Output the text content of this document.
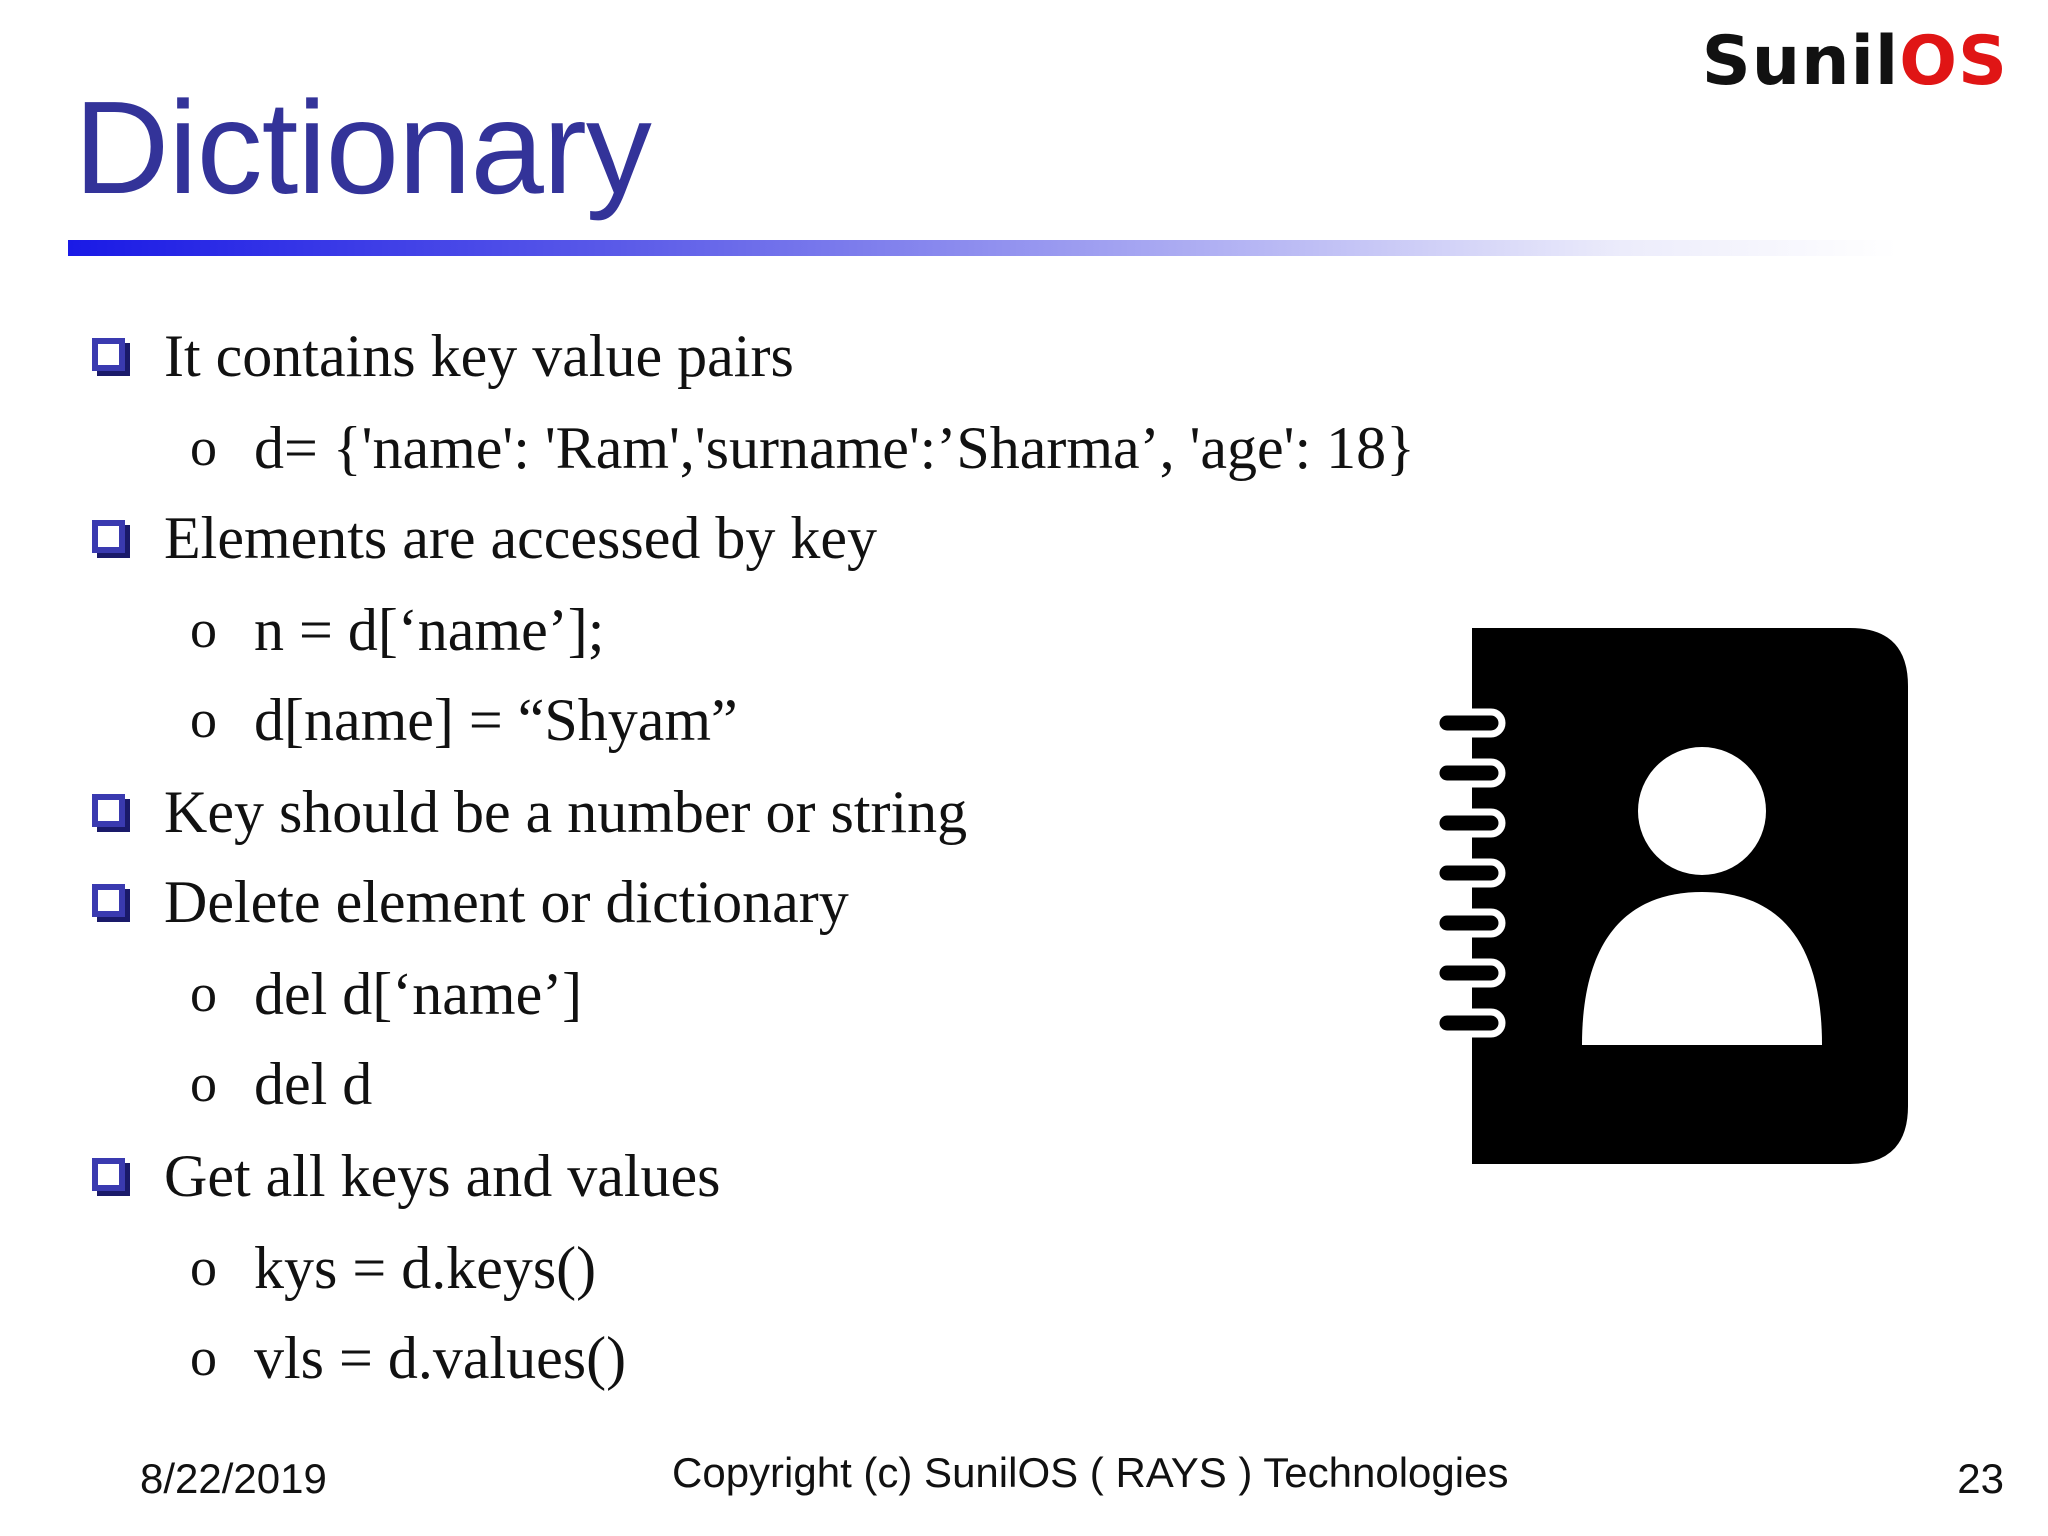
SunilOS
Dictionary
It contains key value pairs
o d= {'name': 'Ram','surname':’Sharma’, 'age': 18}
Elements are accessed by key
o n = d[‘name’];
o d[name] = “Shyam”
Key should be a number or string
Delete element or dictionary
o del d[‘name’]
o del d
Get all keys and values
o kys = d.keys()
o vls = d.values()
8/22/2019	Copyright (c) SunilOS ( RAYS ) Technologies	23
